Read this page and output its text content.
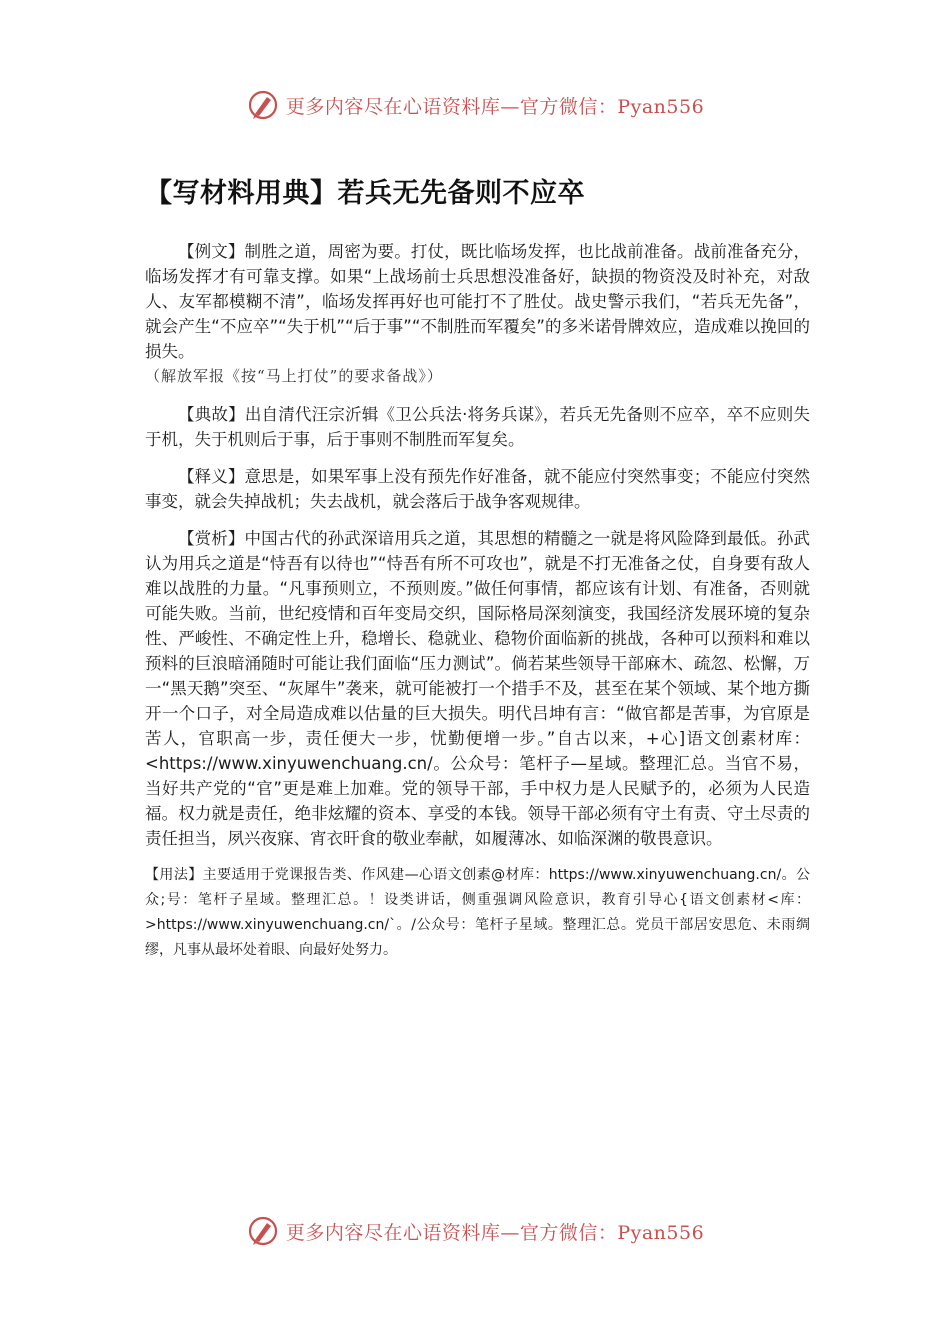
更多内容尽在心语资料库—官方微信：Pyan556
【写材料用典】若兵无先备则不应卒

【例文】制胜之道，周密为要。打仗，既比临场发挥，也比战前准备。战前准备充分，临场发挥才有可靠支撑。如果“上战场前士兵思想没准备好，缺损的物资没及时补充，对敌人、友军都模糊不清”，临场发挥再好也可能打不了胜仗。战史警示我们，“若兵无先备”，就会产生“不应卒”“失于机”“后于事”“不制胜而军覆矣”的多米诺骨牌效应，造成难以挽回的损失。

（解放军报《按“马上打仗”的要求备战》）

【典故】出自清代汪宗沂辑《卫公兵法·将务兵谋》，若兵无先备则不应卒，卒不应则失于机，失于机则后于事，后于事则不制胜而军复矣。

【释义】意思是，如果军事上没有预先作好准备，就不能应付突然事变；不能应付突然事变，就会失掉战机；失去战机，就会落后于战争客观规律。

【赏析】中国古代的孙武深谙用兵之道，其思想的精髓之一就是将风险降到最低。孙武认为用兵之道是“恃吾有以待也”“恃吾有所不可攻也”，就是不打无准备之仗，自身要有敌人难以战胜的力量。“凡事预则立，不预则废。”做任何事情，都应该有计划、有准备，否则就可能失败。当前，世纪疫情和百年变局交织，国际格局深刻演变，我国经济发展环境的复杂性、严峻性、不确定性上升，稳增长、稳就业、稳物价面临新的挑战，各种可以预料和难以预料的巨浪暗涌随时可能让我们面临“压力测试”。倘若某些领导干部麻木、疏忽、松懈，万一“黑天鹅”突至、“灰犀牛”袭来，就可能被打一个措手不及，甚至在某个领域、某个地方撕开一个口子，对全局造成难以估量的巨大损失。明代吕坤有言：“做官都是苦事，为官原是苦人，官职高一步，责任便大一步，忧勤便增一步。”自古以来，+心]语文创素材库：<https://www.xinyuwenchuang.cn/。公众号：笔杆子—星域。整理汇总。当官不易，当好共产党的“官”更是难上加难。党的领导干部，手中权力是人民赋予的，必须为人民造福。权力就是责任，绝非炫耀的资本、享受的本钱。领导干部必须有守土有责、守土尽责的责任担当，夙兴夜寐、宵衣旰食的敬业奉献，如履薄冰、如临深渊的敬畏意识。

【用法】主要适用于党课报告类、作风建—心语文创素@材库：https://www.xinyuwenchuang.cn/。公众;号：笔杆子星域。整理汇总。！设类讲话，侧重强调风险意识，教育引导心{语文创素材<库：>https://www.xinyuwenchuang.cn/`。/公众号：笔杆子星域。整理汇总。党员干部居安思危、未雨绸缪，凡事从最坏处着眼、向最好处努力。

更多内容尽在心语资料库—官方微信：Pyan556
